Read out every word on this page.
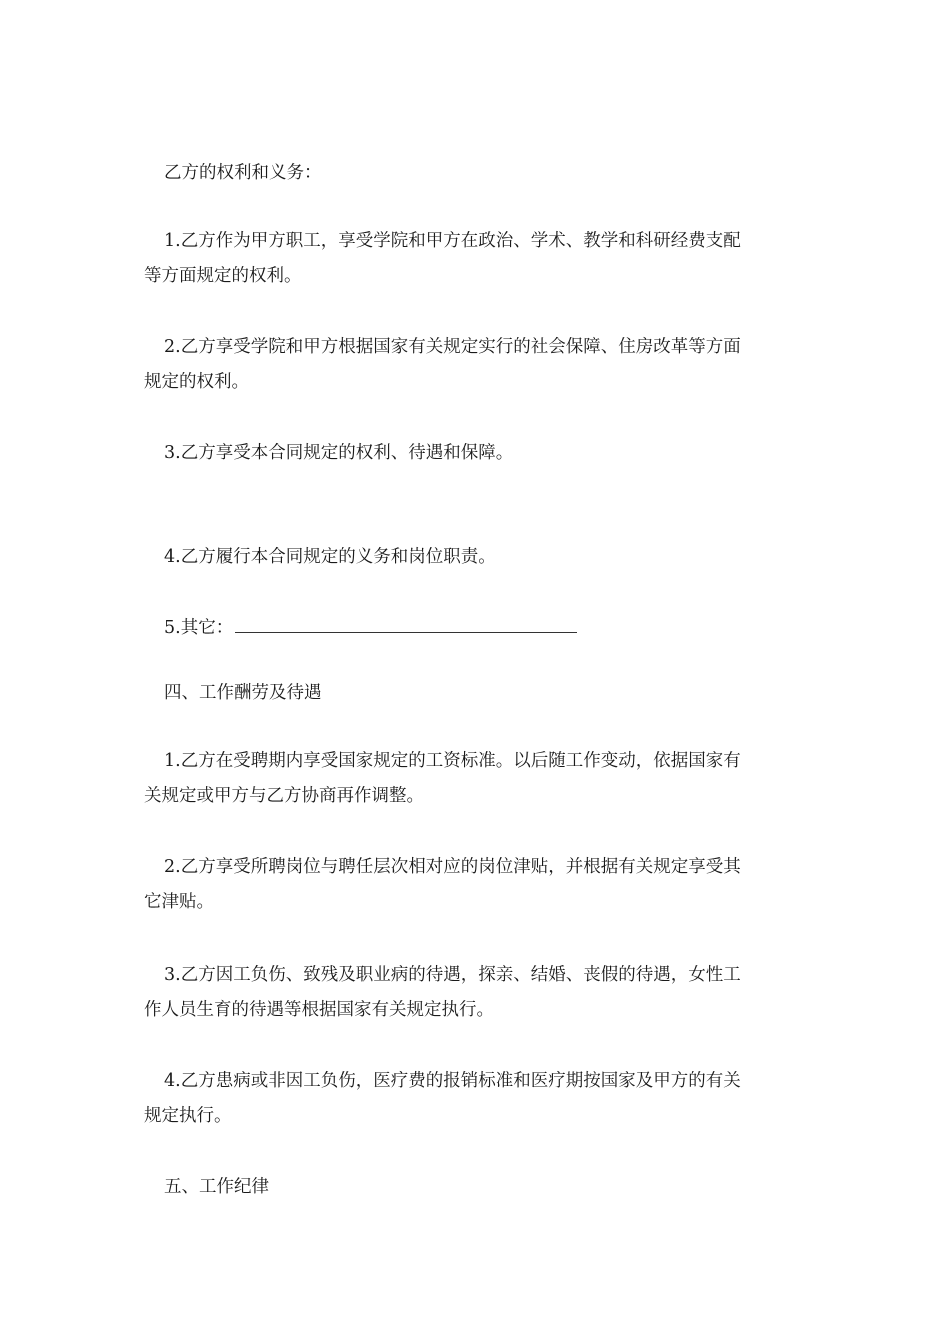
乙方的权利和义务：

1.乙方作为甲方职工，享受学院和甲方在政治、学术、教学和科研经费支配
等方面规定的权利。

2.乙方享受学院和甲方根据国家有关规定实行的社会保障、住房改革等方面
规定的权利。

3.乙方享受本合同规定的权利、待遇和保障。

4.乙方履行本合同规定的义务和岗位职责。

5.其它：

四、工作酬劳及待遇

1.乙方在受聘期内享受国家规定的工资标准。以后随工作变动，依据国家有
关规定或甲方与乙方协商再作调整。

2.乙方享受所聘岗位与聘任层次相对应的岗位津贴，并根据有关规定享受其
它津贴。

3.乙方因工负伤、致残及职业病的待遇，探亲、结婚、丧假的待遇，女性工
作人员生育的待遇等根据国家有关规定执行。

4.乙方患病或非因工负伤，医疗费的报销标准和医疗期按国家及甲方的有关
规定执行。

五、工作纪律
